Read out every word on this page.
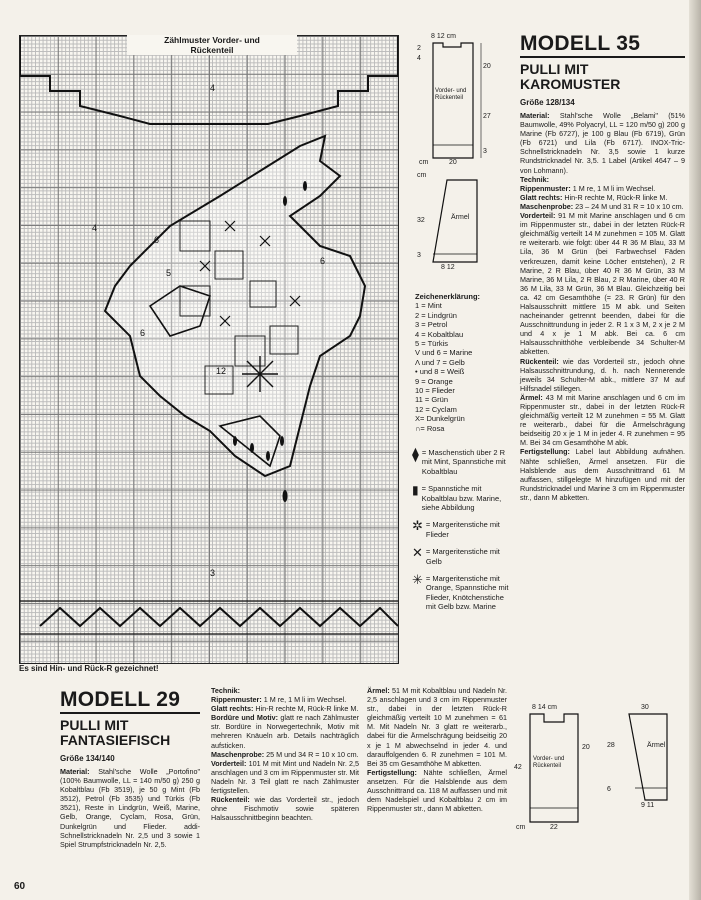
4
4
6
5
12
6
3
6
Zählmuster Vorder- und
Rückenteil
Es sind Hin- und Rück-R gezeichnet!
8 12 cm
2
4
20
27
3
Vorder- und Rückenteil
20
cm
cm
Ärmel
32
3
8 12
Zeichenerklärung:
1 = Mint
2 = Lindgrün
3 = Petrol
4 = Kobaltblau
5 = Türkis
V und 6 = Marine
Λ und 7 = Gelb
• und 8 = Weiß
9 = Orange
10 = Flieder
11 = Grün
12 = Cyclam
X= Dunkelgrün
∩= Rosa
⧫ = Maschenstich über 2 R mit Mint, Spannstiche mit Kobaltblau
▮ = Spannstiche mit Kobaltblau bzw. Marine, siehe Abbildung
✲ = Margeritenstiche mit Flieder
✕ = Margeritenstiche mit Gelb
✳ = Margeritenstiche mit Orange, Spannstiche mit Flieder, Knötchenstiche mit Gelb bzw. Marine
MODELL 35
PULLI MIT
KAROMUSTER
Größe 128/134
Material: Stahl'sche Wolle „Belami" (51% Baumwolle, 49% Polyacryl, LL = 120 m/50 g) 200 g Marine (Fb 6727), je 100 g Blau (Fb 6719), Grün (Fb 6721) und Lila (Fb 6717). INOX-Tric-Schnellstricknadeln Nr. 3,5 sowie 1 kurze Rundstricknadel Nr. 3,5. 1 Label (Artikel 4647 – 9 von Lohmann).
Technik:
Rippenmuster: 1 M re, 1 M li im Wechsel.
Glatt rechts: Hin-R rechte M, Rück-R linke M.
Maschenprobe: 23 – 24 M und 31 R = 10 x 10 cm.
Vorderteil: 91 M mit Marine anschlagen und 6 cm im Rippenmuster str., dabei in der letzten Rück-R gleichmäßig verteilt 14 M zunehmen = 105 M. Glatt re weiterarb. wie folgt: über 44 R 36 M Blau, 33 M Lila, 36 M Grün (bei Farbwechsel Fäden verkreuzen, damit keine Löcher entstehen), 2 R Marine, 2 R Blau, über 40 R 36 M Grün, 33 M Marine, 36 M Lila, 2 R Blau, 2 R Marine, über 40 R 36 M Lila, 33 M Grün, 36 M Blau. Gleichzeitig bei ca. 42 cm Gesamthöhe (= 23. R Grün) für den Halsausschnitt mittlere 15 M abk. und Seiten nacheinander getrennt beenden, dabei für die Ausschnittrundung in jeder 2. R 1 x 3 M, 2 x je 2 M und 4 x je 1 M abk. Bei ca. 6 cm Halsausschnitthöhe verbleibende 34 Schulter-M abketten.
Rückenteil: wie das Vorderteil str., jedoch ohne Halsausschnittrundung, d. h. nach Nennerende jeweils 34 Schulter-M abk., mittlere 37 M auf Hilfsnadel stillegen.
Ärmel: 43 M mit Marine anschlagen und 6 cm im Rippenmuster str., dabei in der letzten Rück-R gleichmäßig verteilt 12 M zunehmen = 55 M. Glatt re weiterarb., dabei für die Ärmelschrägung beidseitig 20 x je 1 M in jeder 4. R zunehmen = 95 M. Bei 34 cm Gesamthöhe M abk.
Fertigstellung: Label laut Abbildung aufnähen. Nähte schließen, Ärmel ansetzen. Für die Halsblende aus dem Ausschnittrand 61 M auffassen, stillgelegte M hinzufügen und mit der Rundstricknadel und Marine 3 cm im Rippenmuster str., dann M abketten.
8 14 cm
20
Vorder- und Rückenteil
42
22
cm
30
Ärmel
28
6
9 11
MODELL 29
PULLI MIT
FANTASIEFISCH
Größe 134/140
Material: Stahl'sche Wolle „Portofino" (100% Baumwolle, LL = 140 m/50 g) 250 g Kobaltblau (Fb 3519), je 50 g Mint (Fb 3512), Petrol (Fb 3535) und Türkis (Fb 3521), Reste in Lindgrün, Weiß, Marine, Gelb, Orange, Cyclam, Rosa, Grün, Dunkelgrün und Flieder. addi-Schnellstricknadeln Nr. 2,5 und 3 sowie 1 Spiel Strumpfstricknadeln Nr. 2,5.
Technik:
Rippenmuster: 1 M re, 1 M li im Wechsel.
Glatt rechts: Hin-R rechte M, Rück-R linke M.
Bordüre und Motiv: glatt re nach Zählmuster str. Bordüre in Norwegertechnik, Motiv mit mehreren Knäueln arb. Details nachträglich aufsticken.
Maschenprobe: 25 M und 34 R = 10 x 10 cm.
Vorderteil: 101 M mit Mint und Nadeln Nr. 2,5 anschlagen und 3 cm im Rippenmuster str. Mit Nadeln Nr. 3 Teil glatt re nach Zählmuster fertigstellen.
Rückenteil: wie das Vorderteil str., jedoch ohne Fischmotiv sowie späteren Halsausschnittbeginn beachten.
Ärmel: 51 M mit Kobaltblau und Nadeln Nr. 2,5 anschlagen und 3 cm im Rippenmuster str., dabei in der letzten Rück-R gleichmäßig verteilt 10 M zunehmen = 61 M. Mit Nadeln Nr. 3 glatt re weiterarb., dabei für die Ärmelschrägung beidseitig 20 x je 1 M abwechselnd in jeder 4. und darauffolgenden 6. R zunehmen = 101 M. Bei 35 cm Gesamthöhe M abketten.
Fertigstellung: Nähte schließen, Ärmel ansetzen. Für die Halsblende aus dem Ausschnittrand ca. 118 M auffassen und mit dem Nadelspiel und Kobaltblau 2 cm im Rippenmuster str., dann M abketten.
60
